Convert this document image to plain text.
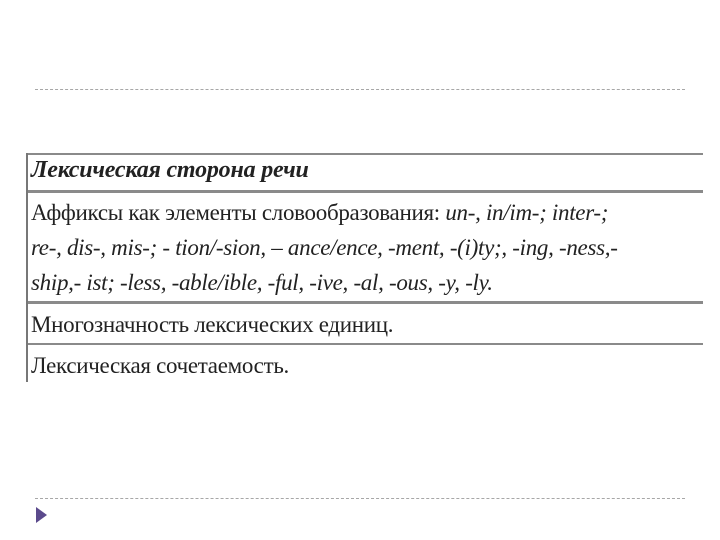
Лексическая сторона речи
Аффиксы как элементы словообразования: un-, in/im-; inter-;
re-, dis-, mis-; - tion/-sion, – ance/ence, -ment, -(i)ty;, -ing, -ness,-
ship,- ist; -less, -able/ible, -ful, -ive, -al, -ous, -y, -ly.
Многозначность лексических единиц.
Лексическая сочетаемость.
